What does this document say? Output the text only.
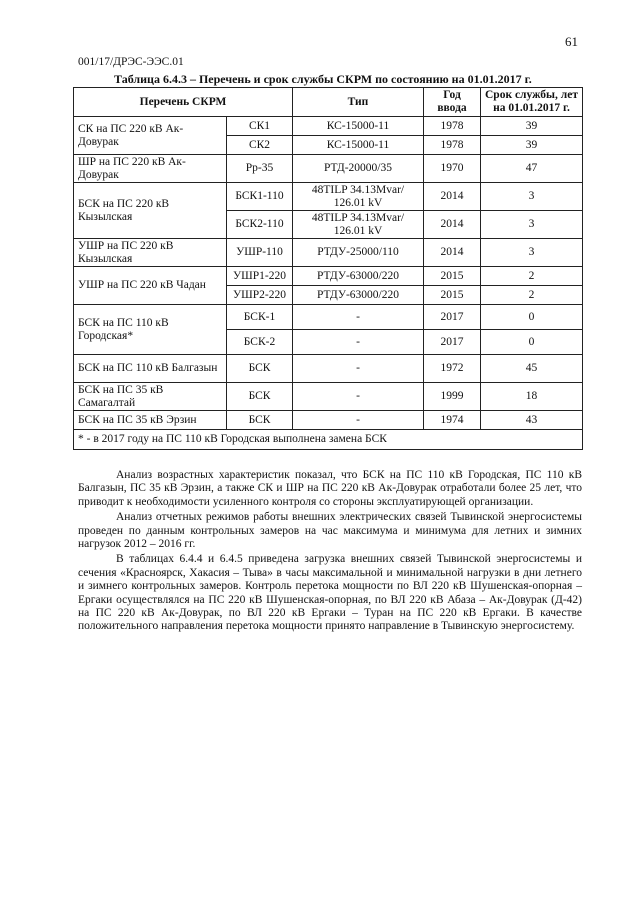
61
001/17/ДРЭС-ЭЭС.01
Таблица 6.4.3 – Перечень и срок службы СКРМ по состоянию на 01.01.2017 г.
Перечень СКРМ		Тип	Год ввода	Срок службы, лет на 01.01.2017 г.
СК на ПС 220 кВ Ак-Довурак	СК1	КС-15000-11	1978	39
	СК2	КС-15000-11	1978	39
ШР на ПС 220 кВ Ак-Довурак	Рр-35	РТД-20000/35	1970	47
БСК на ПС 220 кВ Кызылская	БСК1-110	48TILP 34.13Mvar/ 126.01 kV	2014	3
	БСК2-110	48TILP 34.13Mvar/ 126.01 kV	2014	3
УШР на ПС 220 кВ Кызылская	УШР-110	РТДУ-25000/110	2014	3
УШР на ПС 220 кВ Чадан	УШР1-220	РТДУ-63000/220	2015	2
	УШР2-220	РТДУ-63000/220	2015	2
БСК на ПС 110 кВ Городская*	БСК-1	-	2017	0
	БСК-2	-	2017	0
БСК на ПС 110 кВ Балгазын	БСК	-	1972	45
БСК на ПС 35 кВ Самагалтай	БСК	-	1999	18
БСК на ПС 35 кВ Эрзин	БСК	-	1974	43
* - в 2017 году на ПС 110 кВ Городская выполнена замена БСК				

Анализ возрастных характеристик показал, что БСК на ПС 110 кВ Городская, ПС 110 кВ Балгазын, ПС 35 кВ Эрзин, а также СК и ШР на ПС 220 кВ Ак-Довурак отработали более 25 лет, что приводит к необходимости усиленного контроля со стороны эксплуатирующей организации.

Анализ отчетных режимов работы внешних электрических связей Тывинской энергосистемы проведен по данным контрольных замеров на час максимума и минимума для летних и зимних нагрузок 2012 – 2016 гг.

В таблицах 6.4.4 и 6.4.5 приведена загрузка внешних связей Тывинской энергосистемы и сечения «Красноярск, Хакасия – Тыва» в часы максимальной и минимальной нагрузки в дни летнего и зимнего контрольных замеров. Контроль перетока мощности по ВЛ 220 кВ Шушенская-опорная – Ергаки осуществлялся на ПС 220 кВ Шушенская-опорная, по ВЛ 220 кВ Абаза – Ак-Довурак (Д-42) на ПС 220 кВ Ак-Довурак, по ВЛ 220 кВ Ергаки – Туран на ПС 220 кВ Ергаки. В качестве положительного направления перетока мощности принято направление в Тывинскую энергосистему.
